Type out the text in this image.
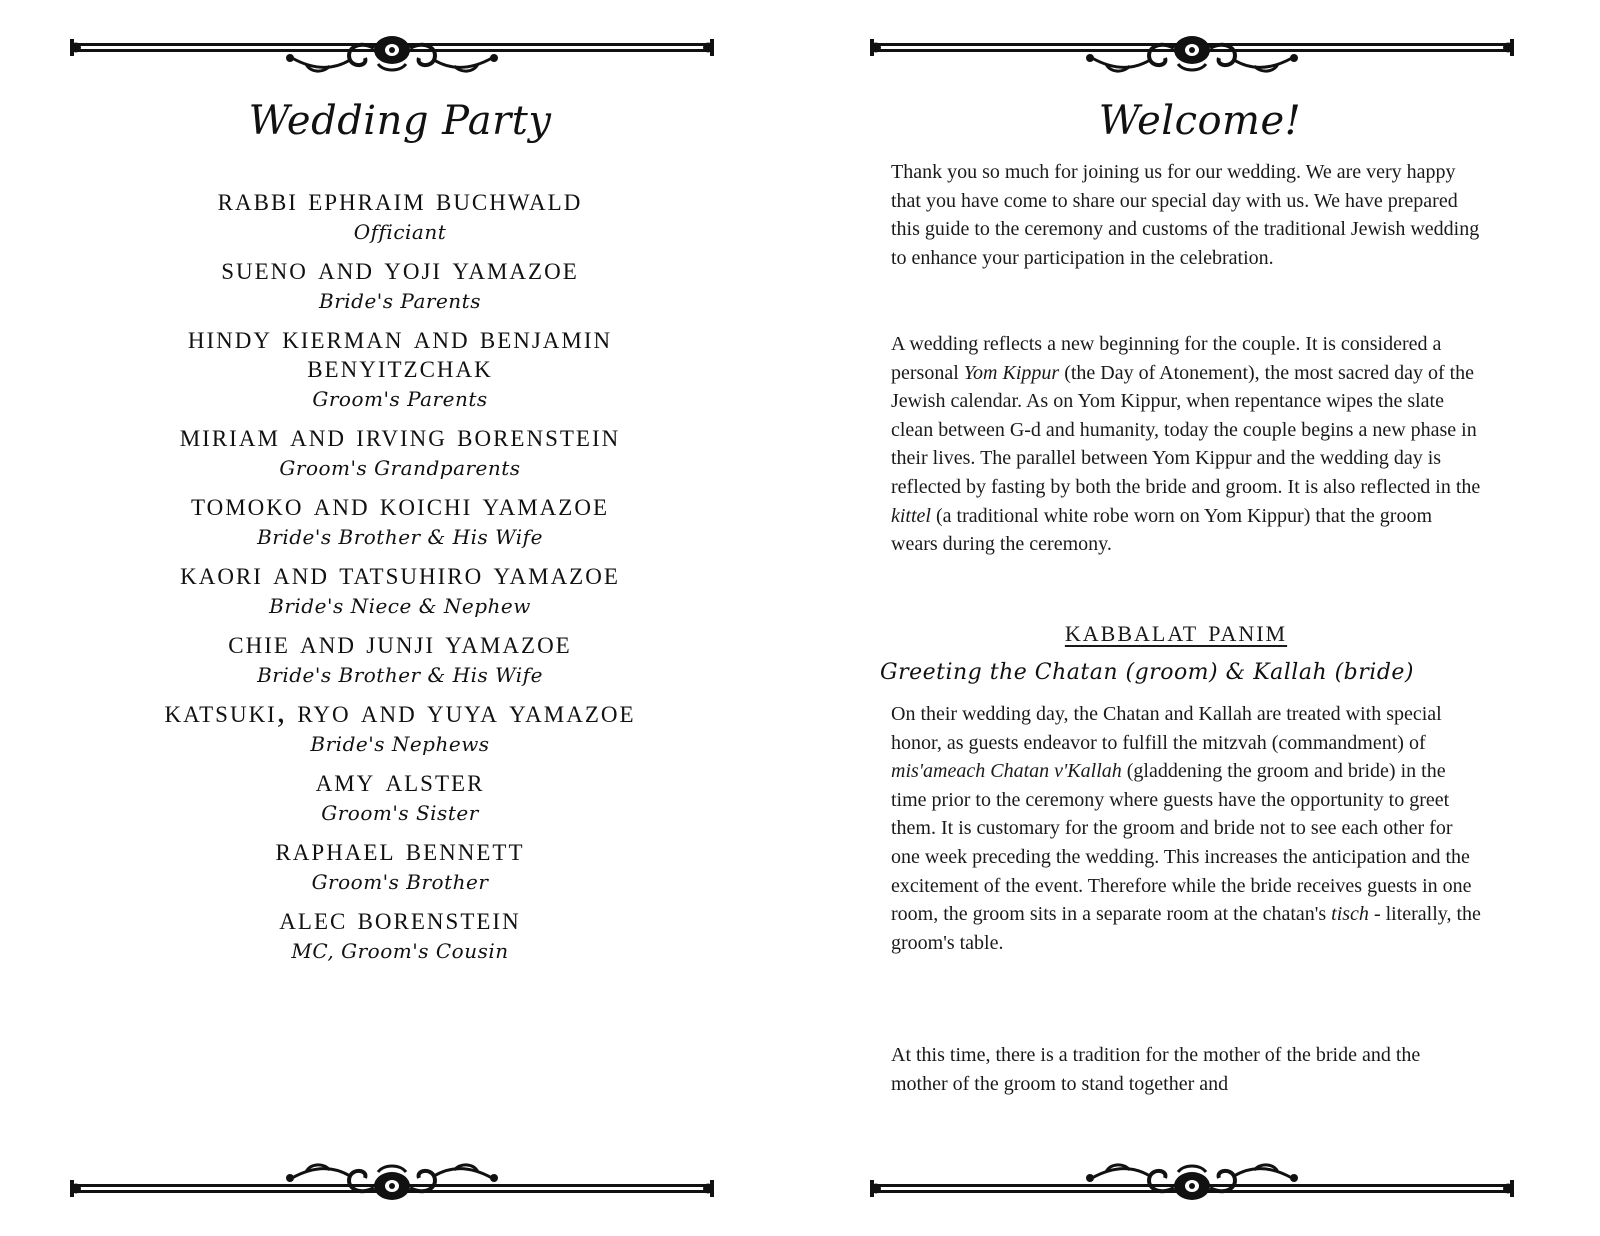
Wedding Party
rabbi ephraim buchwald
Officiant
sueno and yoji yamazoe
Bride's Parents
hindy kierman and benjamin benyitzchak
Groom's Parents
miriam and irving borenstein
Groom's Grandparents
tomoko and koichi yamazoe
Bride's Brother & His Wife
kaori and tatsuhiro yamazoe
Bride's Niece & Nephew
chie and junji yamazoe
Bride's Brother & His Wife
katsuki, ryo and yuya yamazoe
Bride's Nephews
amy alster
Groom's Sister
raphael bennett
Groom's Brother
alec borenstein
MC, Groom's Cousin
Welcome!

Thank you so much for joining us for our wedding. We are very happy that you have come to share our special day with us. We have prepared this guide to the ceremony and customs of the traditional Jewish wedding to enhance your participation in the celebration.

A wedding reflects a new beginning for the couple. It is considered a personal Yom Kippur (the Day of Atonement), the most sacred day of the Jewish calendar. As on Yom Kippur, when repentance wipes the slate clean between G-d and humanity, today the couple begins a new phase in their lives. The parallel between Yom Kippur and the wedding day is reflected by fasting by both the bride and groom. It is also reflected in the kittel (a traditional white robe worn on Yom Kippur) that the groom wears during the ceremony.

kabbalat panim

Greeting the Chatan (groom) & Kallah (bride)

On their wedding day, the Chatan and Kallah are treated with special honor, as guests endeavor to fulfill the mitzvah (commandment) of mis'ameach Chatan v'Kallah (gladdening the groom and bride) in the time prior to the ceremony where guests have the opportunity to greet them. It is customary for the groom and bride not to see each other for one week preceding the wedding. This increases the anticipation and the excitement of the event. Therefore while the bride receives guests in one room, the groom sits in a separate room at the chatan's tisch - literally, the groom's table.

At this time, there is a tradition for the mother of the bride and the mother of the groom to stand together and
